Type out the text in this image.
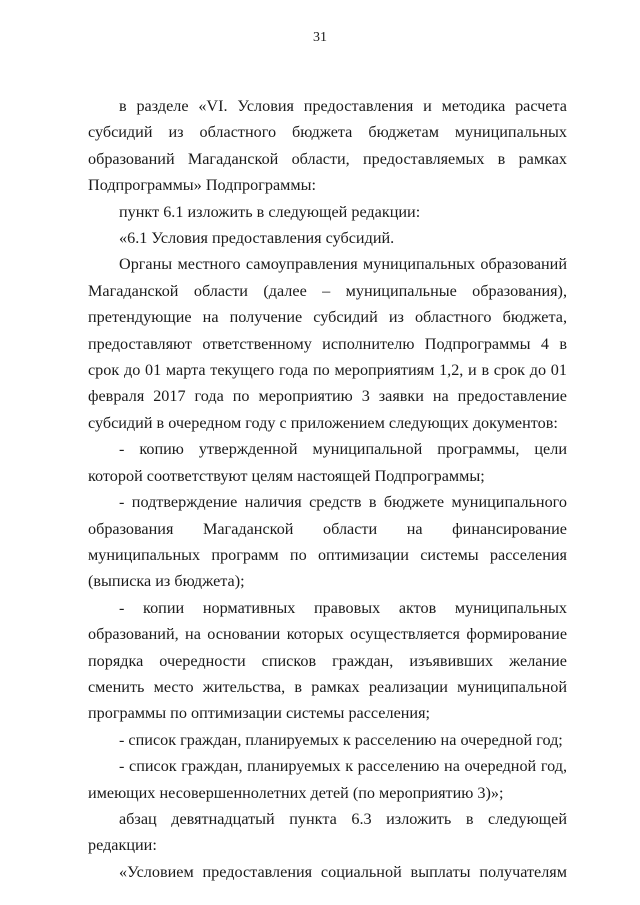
31

в разделе «VI. Условия предоставления и методика расчета субсидий из областного бюджета бюджетам муниципальных образований Магаданской области, предоставляемых в рамках Подпрограммы» Подпрограммы:

пункт 6.1 изложить в следующей редакции:

«6.1 Условия предоставления субсидий.

Органы местного самоуправления муниципальных образований Магаданской области (далее – муниципальные образования), претендующие на получение субсидий из областного бюджета, предоставляют ответственному исполнителю Подпрограммы 4 в срок до 01 марта текущего года по мероприятиям 1,2, и в срок до 01 февраля 2017 года по мероприятию 3 заявки на предоставление субсидий в очередном году с приложением следующих документов:

- копию утвержденной муниципальной программы, цели которой соответствуют целям настоящей Подпрограммы;

- подтверждение наличия средств в бюджете муниципального образования Магаданской области на финансирование муниципальных программ по оптимизации системы расселения (выписка из бюджета);

- копии нормативных правовых актов муниципальных образований, на основании которых осуществляется формирование порядка очередности списков граждан, изъявивших желание сменить место жительства, в рамках реализации муниципальной программы по оптимизации системы расселения;

- список граждан, планируемых к расселению на очередной год;

- список граждан, планируемых к расселению на очередной год, имеющих несовершеннолетних детей (по мероприятию 3)»;

абзац девятнадцатый пункта 6.3 изложить в следующей редакции:

«Условием предоставления социальной выплаты получателям
